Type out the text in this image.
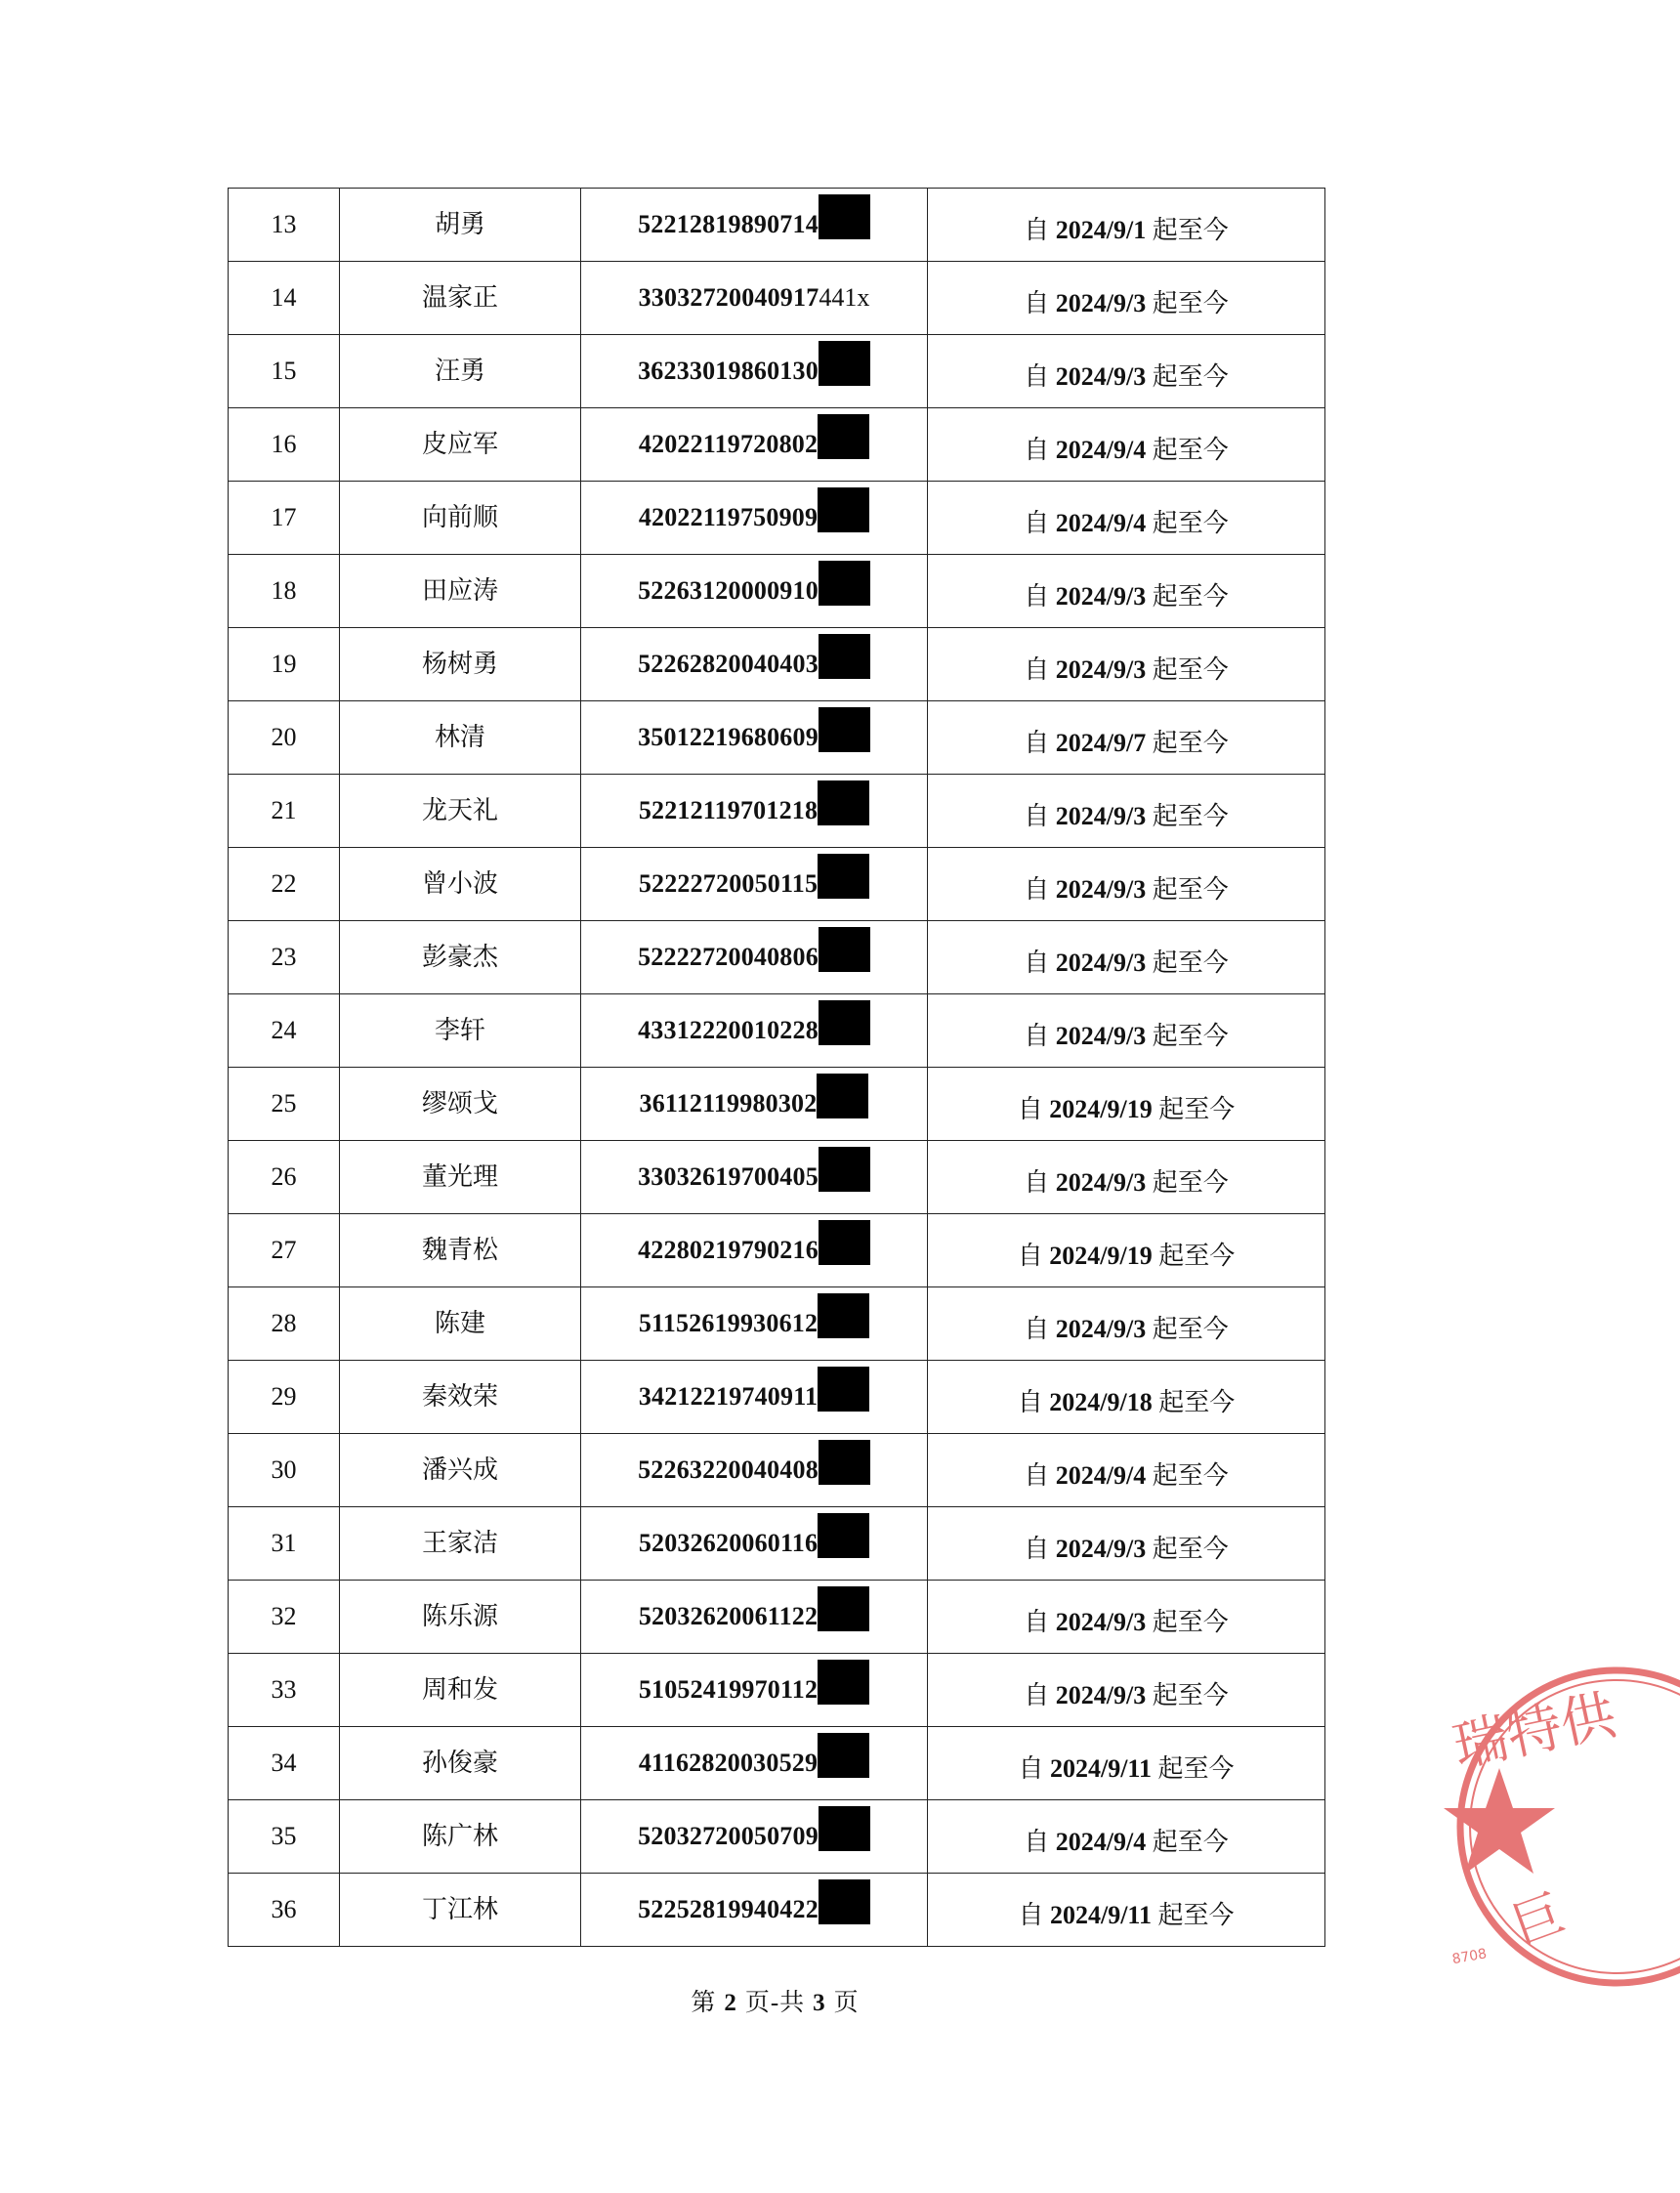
13	胡勇	52212819890714	自 2024/9/1 起至今
14	温家正	33032720040917 441x	自 2024/9/3 起至今
15	汪勇	36233019860130	自 2024/9/3 起至今
16	皮应军	42022119720802	自 2024/9/4 起至今
17	向前顺	42022119750909	自 2024/9/4 起至今
18	田应涛	52263120000910	自 2024/9/3 起至今
19	杨树勇	52262820040403	自 2024/9/3 起至今
20	林清	35012219680609	自 2024/9/7 起至今
21	龙天礼	52212119701218	自 2024/9/3 起至今
22	曾小波	52222720050115	自 2024/9/3 起至今
23	彭豪杰	52222720040806	自 2024/9/3 起至今
24	李轩	43312220010228	自 2024/9/3 起至今
25	缪颂戈	36112119980302	自 2024/9/19 起至今
26	董光理	33032619700405	自 2024/9/3 起至今
27	魏青松	42280219790216	自 2024/9/19 起至今
28	陈建	51152619930612	自 2024/9/3 起至今
29	秦效荣	34212219740911	自 2024/9/18 起至今
30	潘兴成	52263220040408	自 2024/9/4 起至今
31	王家洁	52032620060116	自 2024/9/3 起至今
32	陈乐源	52032620061122	自 2024/9/3 起至今
33	周和发	51052419970112	自 2024/9/3 起至今
34	孙俊豪	41162820030529	自 2024/9/11 起至今
35	陈广林	52032720050709	自 2024/9/4 起至今
36	丁江林	52252819940422	自 2024/9/11 起至今
第 2 页-共 3 页
瑞特供
巨
8708
